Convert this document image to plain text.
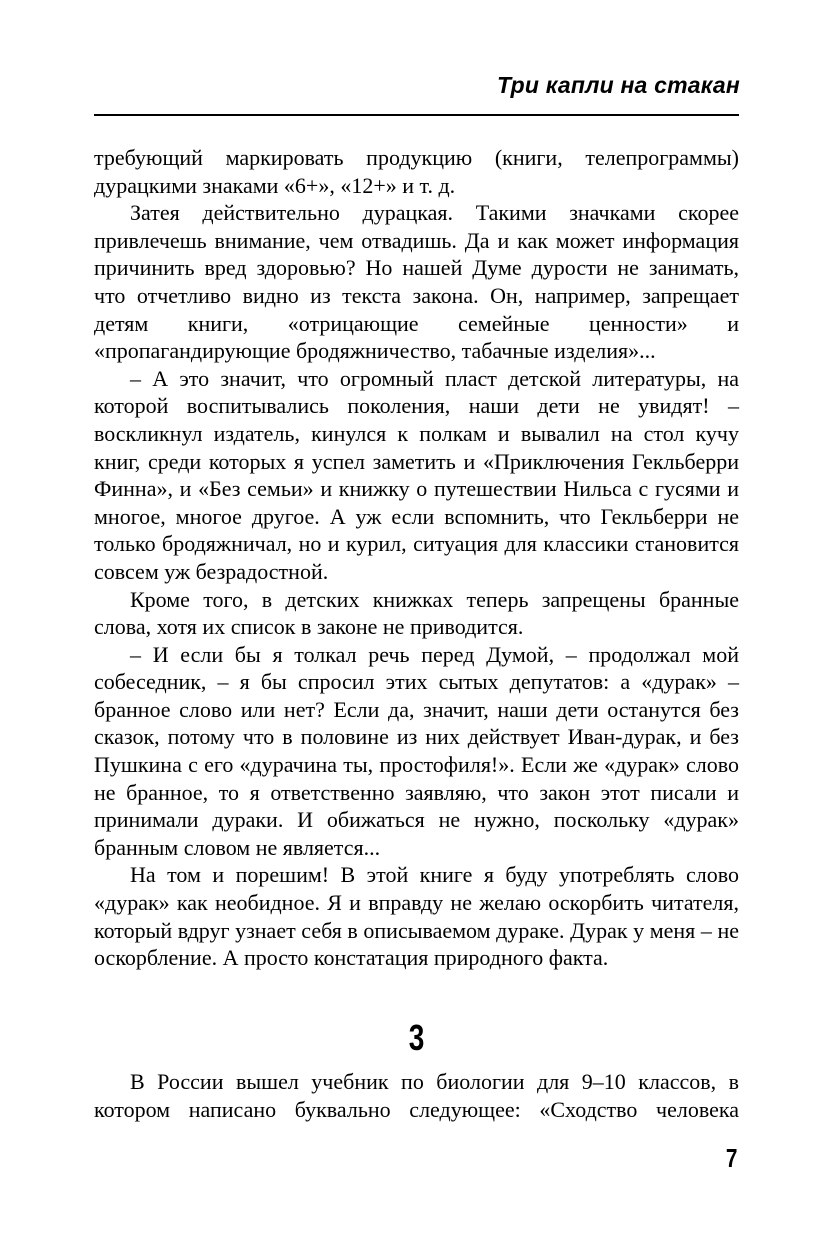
Три капли на стакан

требующий маркировать продукцию (книги, телепрограммы) дурацкими знаками «6+», «12+» и т. д.

Затея действительно дурацкая. Такими значками скорее привлечешь внимание, чем отвадишь. Да и как может информация причинить вред здоровью? Но нашей Думе дурости не занимать, что отчетливо видно из текста закона. Он, например, запрещает детям книги, «отрицающие семейные ценности» и «пропагандирующие бродяжничество, табачные изделия»...

– А это значит, что огромный пласт детской литературы, на которой воспитывались поколения, наши дети не увидят! – воскликнул издатель, кинулся к полкам и вывалил на стол кучу книг, среди которых я успел заметить и «Приключения Гекльберри Финна», и «Без семьи» и книжку о путешествии Нильса с гусями и многое, многое другое. А уж если вспомнить, что Гекльберри не только бродяжничал, но и курил, ситуация для классики становится совсем уж безрадостной.

Кроме того, в детских книжках теперь запрещены бранные слова, хотя их список в законе не приводится.

– И если бы я толкал речь перед Думой, – продолжал мой собеседник, – я бы спросил этих сытых депутатов: а «дурак» – бранное слово или нет? Если да, значит, наши дети останутся без сказок, потому что в половине из них действует Иван-дурак, и без Пушкина с его «дурачина ты, простофиля!». Если же «дурак» слово не бранное, то я ответственно заявляю, что закон этот писали и принимали дураки. И обижаться не нужно, поскольку «дурак» бранным словом не является...

На том и порешим! В этой книге я буду употреблять слово «дурак» как необидное. Я и вправду не желаю оскорбить читателя, который вдруг узнает себя в описываемом дураке. Дурак у меня – не оскорбление. А просто констатация природного факта.

3

В России вышел учебник по биологии для 9–10 классов, в котором написано буквально следующее: «Сходство человека

7
